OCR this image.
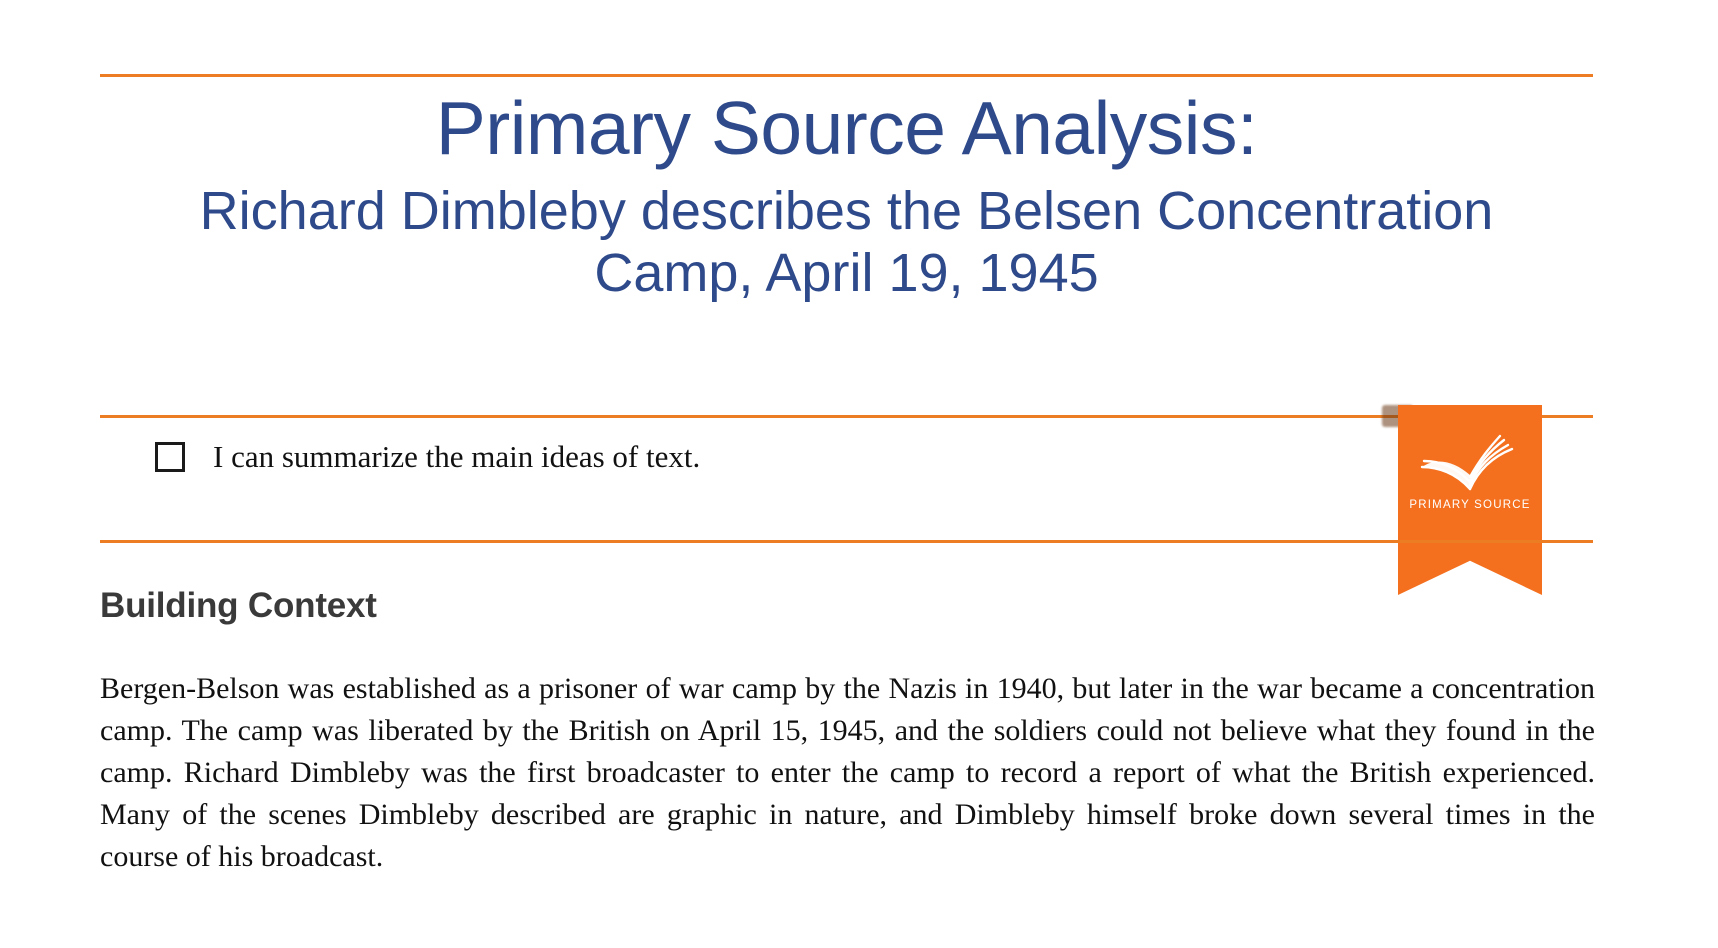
Primary Source Analysis:
Richard Dimbleby describes the Belsen Concentration Camp, April 19, 1945
I can summarize the main ideas of text.
PRIMARY SOURCE
Building Context
Bergen-Belson was established as a prisoner of war camp by the Nazis in 1940, but later in the war became a concentration camp. The camp was liberated by the British on April 15, 1945, and the soldiers could not believe what they found in the camp. Richard Dimbleby was the first broadcaster to enter the camp to record a report of what the British experienced. Many of the scenes Dimbleby described are graphic in nature, and Dimbleby himself broke down several times in the course of his broadcast.
